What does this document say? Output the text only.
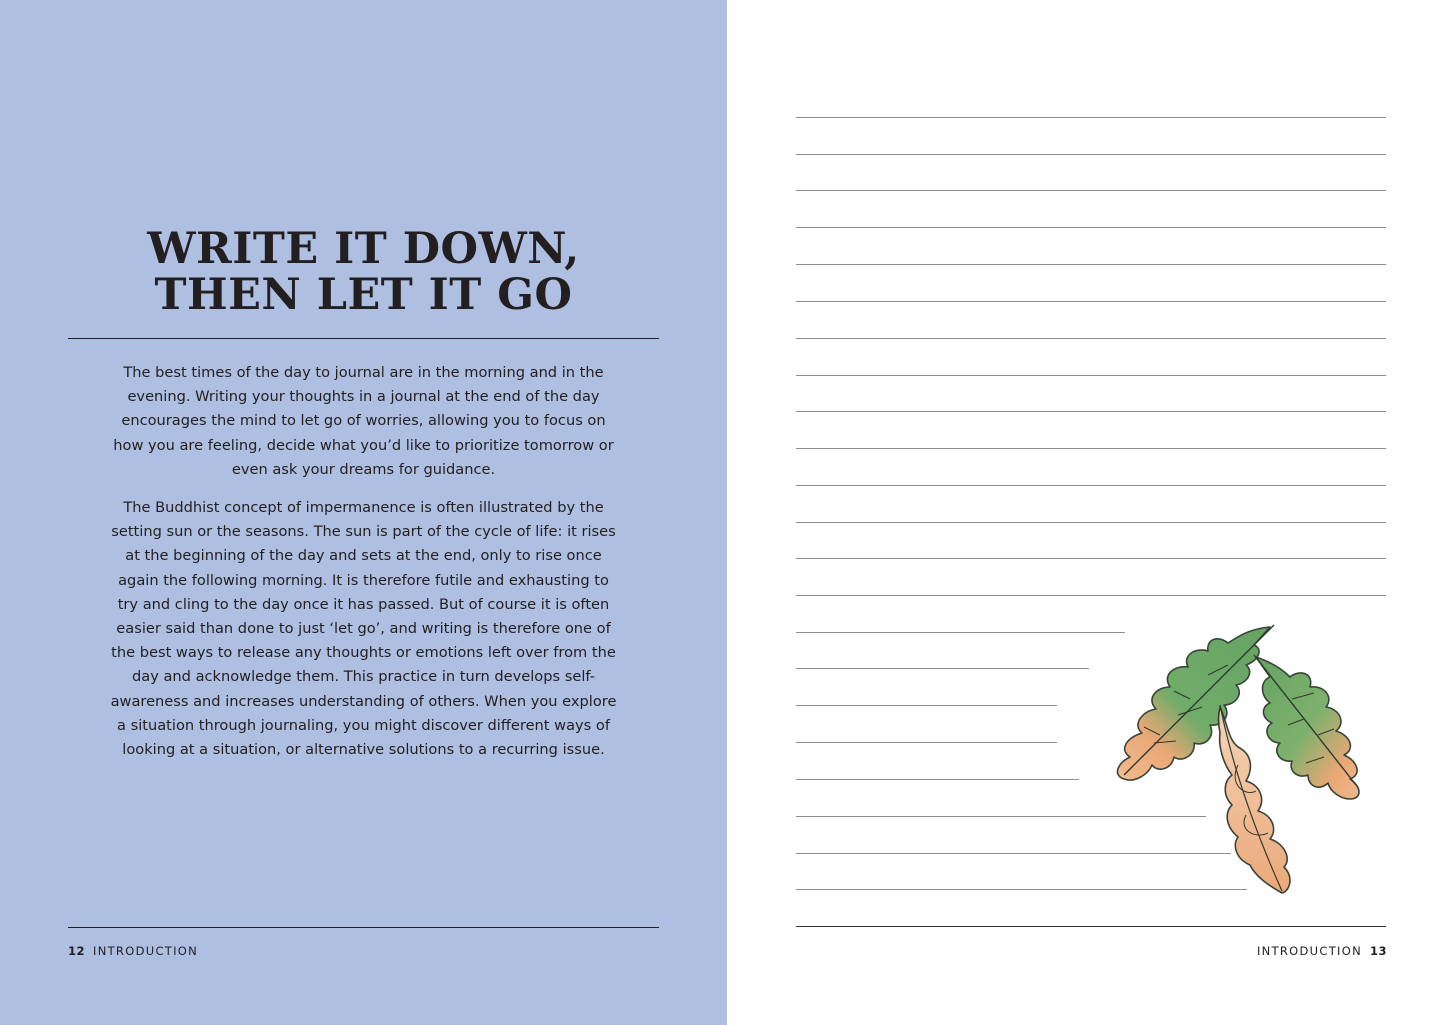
WRITE IT DOWN,
THEN LET IT GO

The best times of the day to journal are in the morning and in the evening. Writing your thoughts in a journal at the end of the day encourages the mind to let go of worries, allowing you to focus on how you are feeling, decide what you’d like to prioritize tomorrow or even ask your dreams for guidance.

The Buddhist concept of impermanence is often illustrated by the setting sun or the seasons. The sun is part of the cycle of life: it rises at the beginning of the day and sets at the end, only to rise once again the following morning. It is therefore futile and exhausting to try and cling to the day once it has passed. But of course it is often easier said than done to just ‘let go’, and writing is therefore one of the best ways to release any thoughts or emotions left over from the day and acknowledge them. This practice in turn develops self-awareness and increases understanding of others. When you explore a situation through journaling, you might discover different ways of looking at a situation, or alternative solutions to a recurring issue.

12 INTRODUCTION	INTRODUCTION 13
